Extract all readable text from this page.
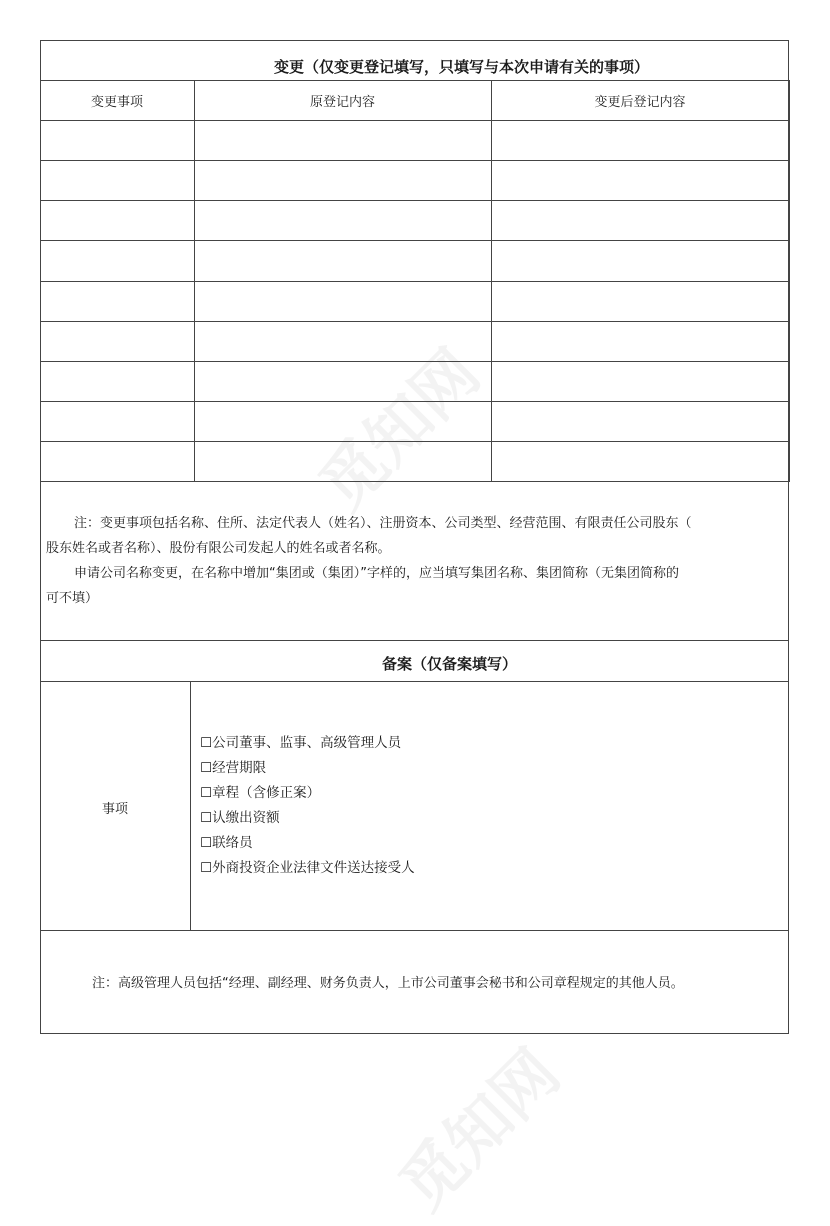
变更（仅变更登记填写，只填写与本次申请有关的事项）
变更事项	原登记内容	变更后登记内容
注：变更事项包括名称、住所、法定代表人（姓名）、注册资本、公司类型、经营范围、有限责任公司股东（
股东姓名或者名称）、股份有限公司发起人的姓名或者名称。
申请公司名称变更，在名称中增加“集团或（集团）”字样的，应当填写集团名称、集团简称（无集团简称的
可不填）
备案（仅备案填写）
事项
☐公司董事、监事、高级管理人员
☐经营期限
☐章程（含修正案）
☐认缴出资额
☐联络员
☐外商投资企业法律文件送达接受人
注：高级管理人员包括“经理、副经理、财务负责人，上市公司董事会秘书和公司章程规定的其他人员。
